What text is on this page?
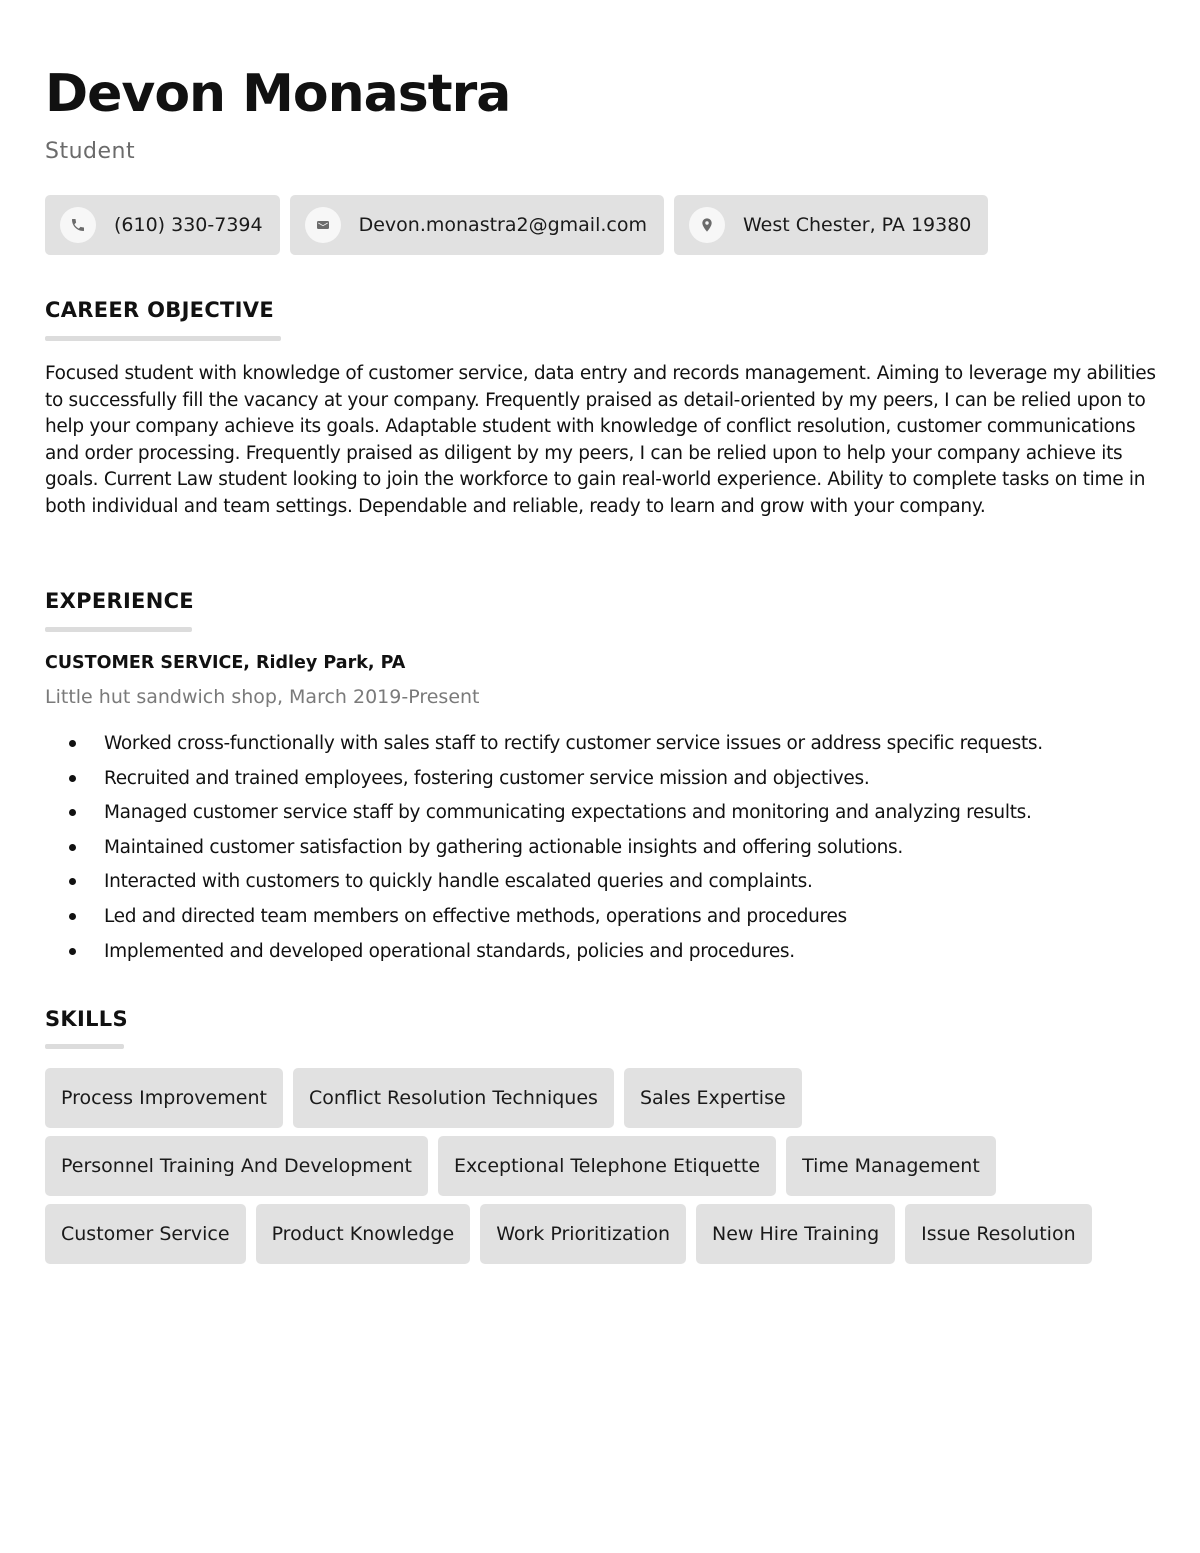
Devon Monastra
Student
(610) 330-7394	Devon.monastra2@gmail.com	West Chester, PA 19380
CAREER OBJECTIVE
Focused student with knowledge of customer service, data entry and records management. Aiming to leverage my abilities to successfully fill the vacancy at your company. Frequently praised as detail-oriented by my peers, I can be relied upon to help your company achieve its goals. Adaptable student with knowledge of conflict resolution, customer communications and order processing. Frequently praised as diligent by my peers, I can be relied upon to help your company achieve its goals. Current Law student looking to join the workforce to gain real-world experience. Ability to complete tasks on time in both individual and team settings. Dependable and reliable, ready to learn and grow with your company.
EXPERIENCE
CUSTOMER SERVICE, Ridley Park, PA
Little hut sandwich shop, March 2019-Present
Worked cross-functionally with sales staff to rectify customer service issues or address specific requests.
Recruited and trained employees, fostering customer service mission and objectives.
Managed customer service staff by communicating expectations and monitoring and analyzing results.
Maintained customer satisfaction by gathering actionable insights and offering solutions.
Interacted with customers to quickly handle escalated queries and complaints.
Led and directed team members on effective methods, operations and procedures
Implemented and developed operational standards, policies and procedures.
SKILLS
Process Improvement	Conflict Resolution Techniques	Sales Expertise
Personnel Training And Development	Exceptional Telephone Etiquette	Time Management
Customer Service	Product Knowledge	Work Prioritization	New Hire Training	Issue Resolution
